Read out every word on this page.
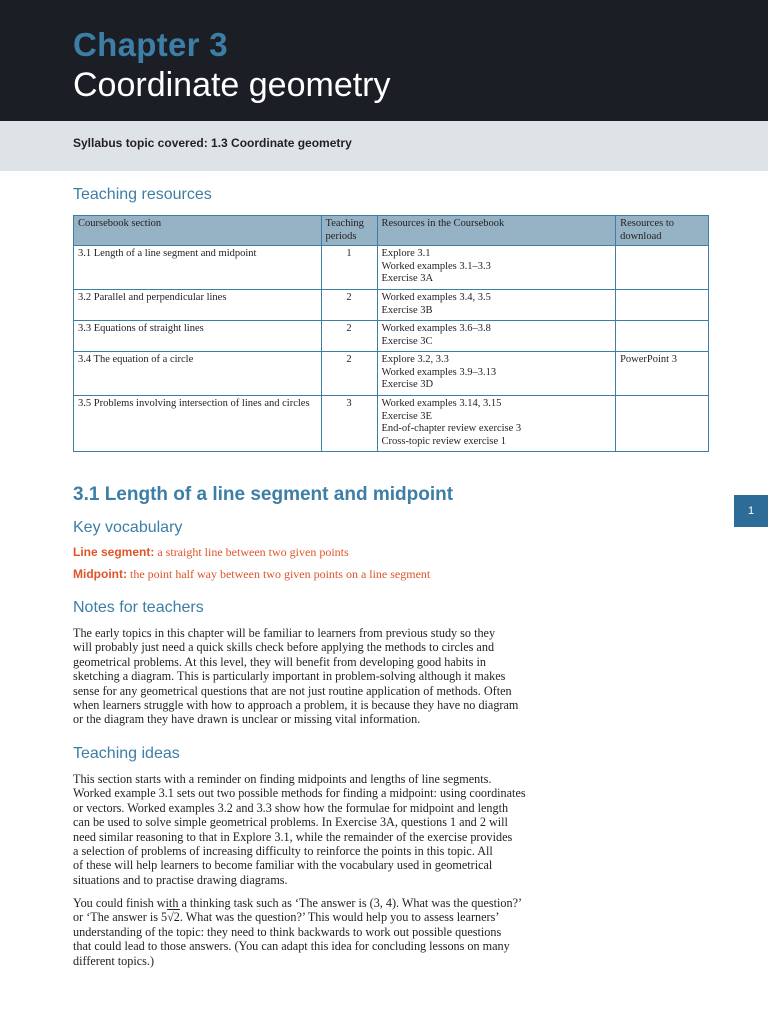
Chapter 3
Coordinate geometry
Syllabus topic covered: 1.3 Coordinate geometry
Teaching resources
Coursebook section	Teaching periods	Resources in the Coursebook	Resources to download
3.1 Length of a line segment and midpoint	1	Explore 3.1
Worked examples 3.1–3.3
Exercise 3A	

3.2 Parallel and perpendicular lines	2	Worked examples 3.4, 3.5
Exercise 3B	

3.3 Equations of straight lines	2	Worked examples 3.6–3.8
Exercise 3C	

3.4 The equation of a circle	2	Explore 3.2, 3.3
Worked examples 3.9–3.13
Exercise 3D	PowerPoint 3
3.5 Problems involving intersection of lines and circles	3	Worked examples 3.14, 3.15
Exercise 3E
End-of-chapter review exercise 3
Cross-topic review exercise 1	

3.1 Length of a line segment and midpoint
1
Key vocabulary
Line segment: a straight line between two given points
Midpoint: the point half way between two given points on a line segment
Notes for teachers
The early topics in this chapter will be familiar to learners from previous study so they
will probably just need a quick skills check before applying the methods to circles and
geometrical problems. At this level, they will benefit from developing good habits in
sketching a diagram. This is particularly important in problem-solving although it makes
sense for any geometrical questions that are not just routine application of methods. Often
when learners struggle with how to approach a problem, it is because they have no diagram
or the diagram they have drawn is unclear or missing vital information.
Teaching ideas
This section starts with a reminder on finding midpoints and lengths of line segments.
Worked example 3.1 sets out two possible methods for finding a midpoint: using coordinates
or vectors. Worked examples 3.2 and 3.3 show how the formulae for midpoint and length
can be used to solve simple geometrical problems. In Exercise 3A, questions 1 and 2 will
need similar reasoning to that in Explore 3.1, while the remainder of the exercise provides
a selection of problems of increasing difficulty to reinforce the points in this topic. All
of these will help learners to become familiar with the vocabulary used in geometrical
situations and to practise drawing diagrams.
You could finish with a thinking task such as ‘The answer is (3, 4). What was the question?’
or ‘The answer is 5√2. What was the question?’ This would help you to assess learners’
understanding of the topic: they need to think backwards to work out possible questions
that could lead to those answers. (You can adapt this idea for concluding lessons on many
different topics.)
